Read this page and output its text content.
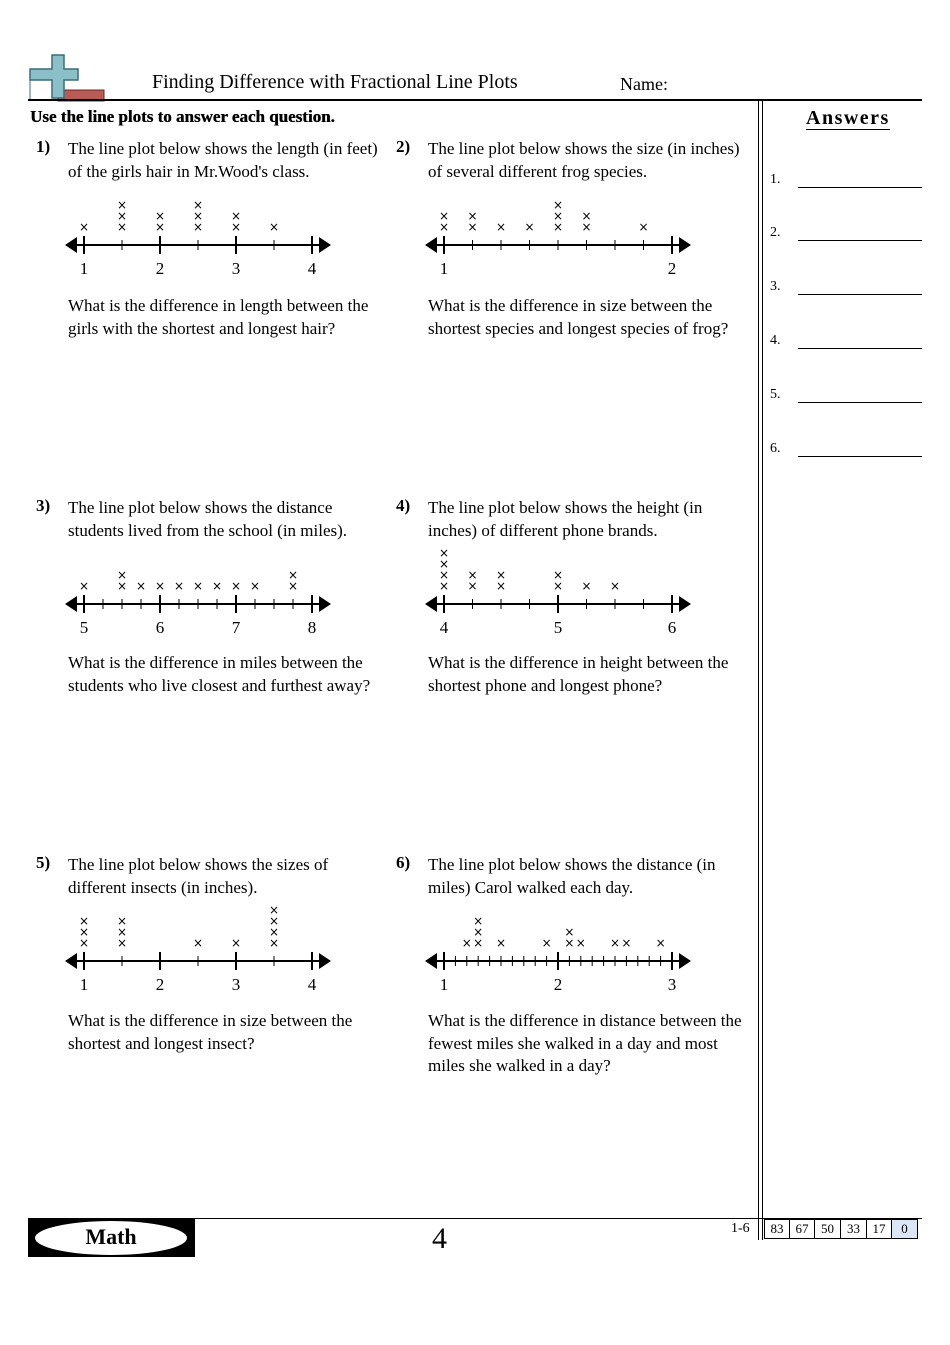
Finding Difference with Fractional Line Plots	Name:
Use the line plots to answer each question.	Answers
1.
2.
3.
4.
5.
6.
1) The line plot below shows the length (in feet) of the girls hair in Mr.Wood's class.
1	2	3	4
× ×
×
×
×
×
×
×
×
×
×
×
What is the difference in length between the girls with the shortest and longest hair?
2) The line plot below shows the size (in inches) of several different frog species.
1	2
×
×
×
×
× × ×
×
×
×
×
×
What is the difference in size between the shortest species and longest species of frog?
3) The line plot below shows the distance students lived from the school (in miles).
5	6	7	8
× ×
×
× × × × × × × ×
×
What is the difference in miles between the students who live closest and furthest away?
4) The line plot below shows the height (in inches) of different phone brands.
4	5	6
×
×
×
×
×
×
×
×
×
×
× ×
What is the difference in height between the shortest phone and longest phone?
5) The line plot below shows the sizes of different insects (in inches).
1	2	3	4
×
×
×
×
×
×
× × ×
×
×
×
What is the difference in size between the shortest and longest insect?
6) The line plot below shows the distance (in miles) Carol walked each day.
1	2	3
× ×
×
×
×	× ×
×
× × × ×
What is the difference in distance between the fewest miles she walked in a day and most miles she walked in a day?
Math	4	1-6	83 67 50	33 17	0
